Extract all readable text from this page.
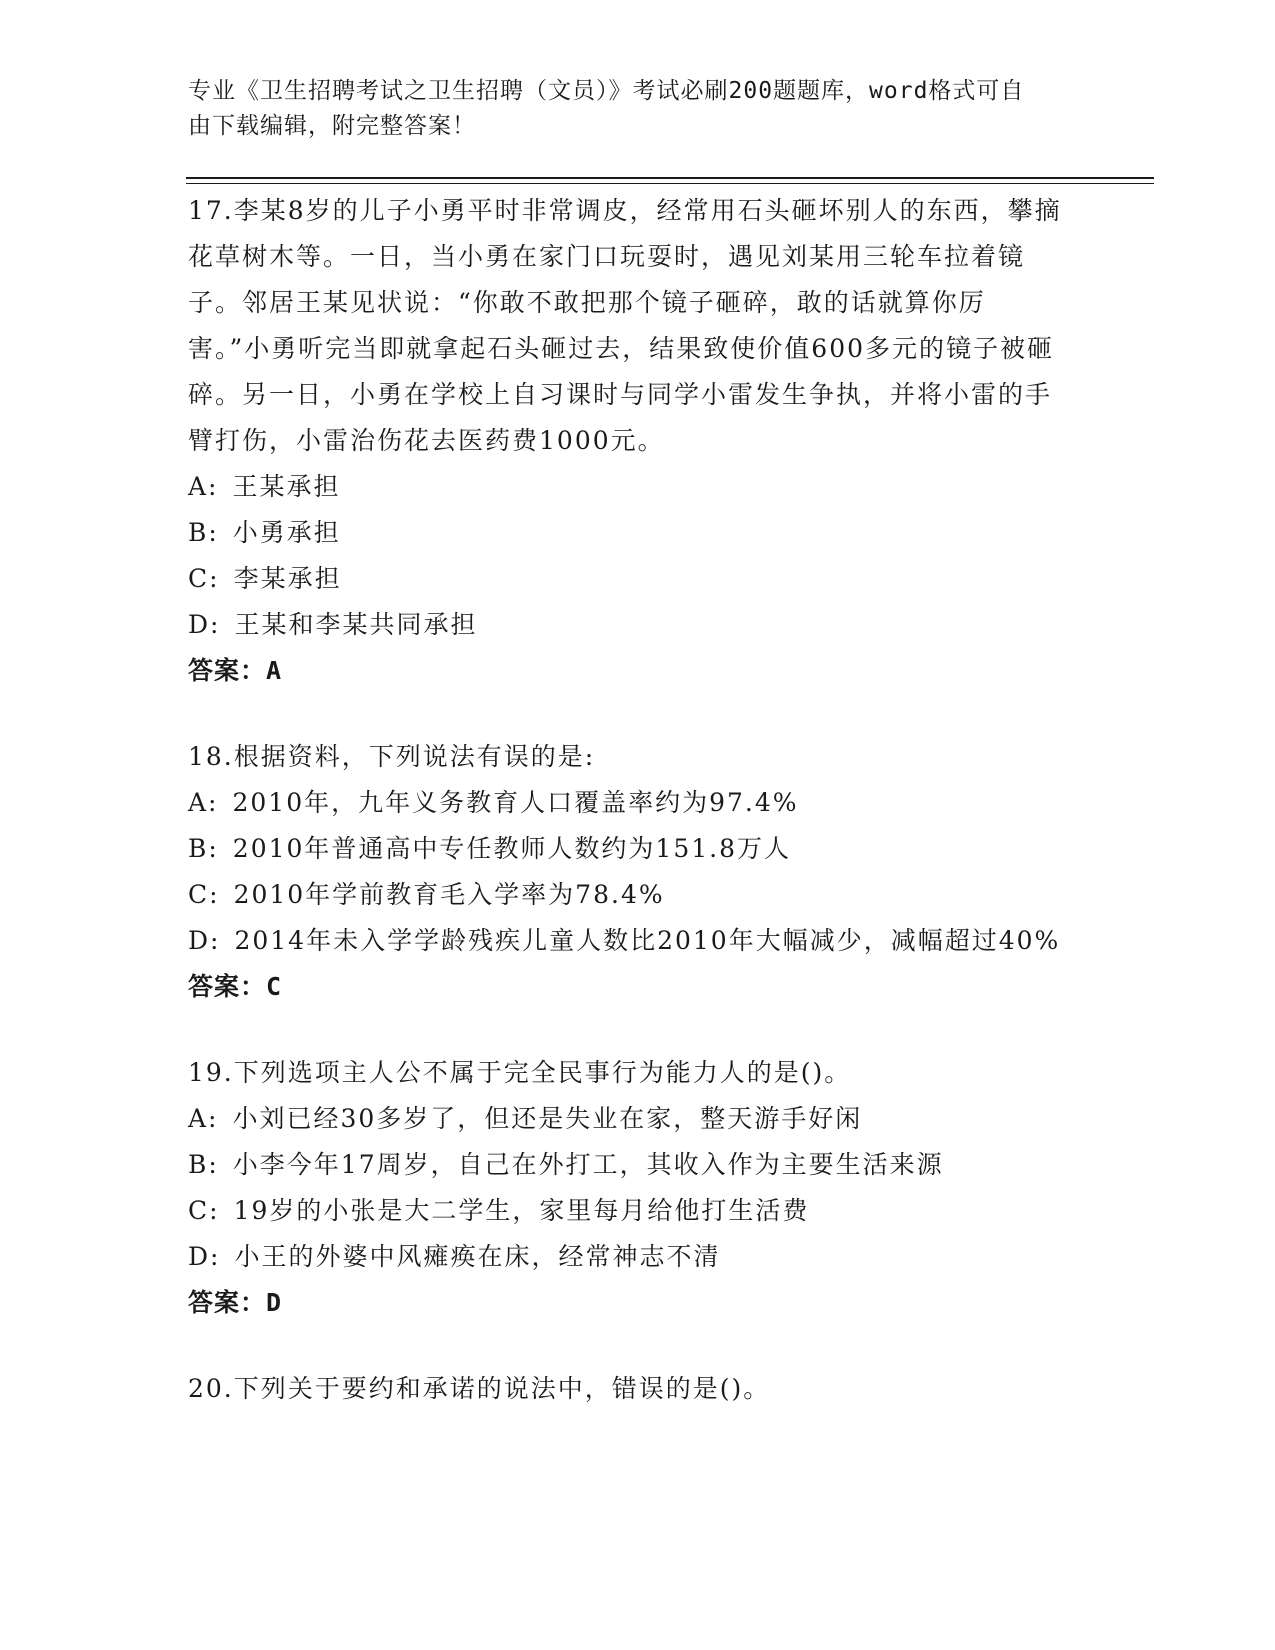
专业《卫生招聘考试之卫生招聘（文员）》考试必刷200题题库，word格式可自
由下载编辑，附完整答案！

17.李某8岁的儿子小勇平时非常调皮，经常用石头砸坏别人的东西，攀摘花草树木等。一日，当小勇在家门口玩耍时，遇见刘某用三轮车拉着镜子。邻居王某见状说：“你敢不敢把那个镜子砸碎，敢的话就算你厉害。”小勇听完当即就拿起石头砸过去，结果致使价值600多元的镜子被砸碎。另一日，小勇在学校上自习课时与同学小雷发生争执，并将小雷的手臂打伤，小雷治伤花去医药费1000元。

A: 王某承担

B: 小勇承担

C: 李某承担

D: 王某和李某共同承担

答案：A

18.根据资料，下列说法有误的是:

A: 2010年，九年义务教育人口覆盖率约为97.4%

B: 2010年普通高中专任教师人数约为151.8万人

C: 2010年学前教育毛入学率为78.4%

D: 2014年未入学学龄残疾儿童人数比2010年大幅减少，减幅超过40%

答案：C

19.下列选项主人公不属于完全民事行为能力人的是()。

A: 小刘已经30多岁了，但还是失业在家，整天游手好闲

B: 小李今年17周岁，自己在外打工，其收入作为主要生活来源

C: 19岁的小张是大二学生，家里每月给他打生活费

D: 小王的外婆中风瘫痪在床，经常神志不清

答案：D

20.下列关于要约和承诺的说法中，错误的是()。
